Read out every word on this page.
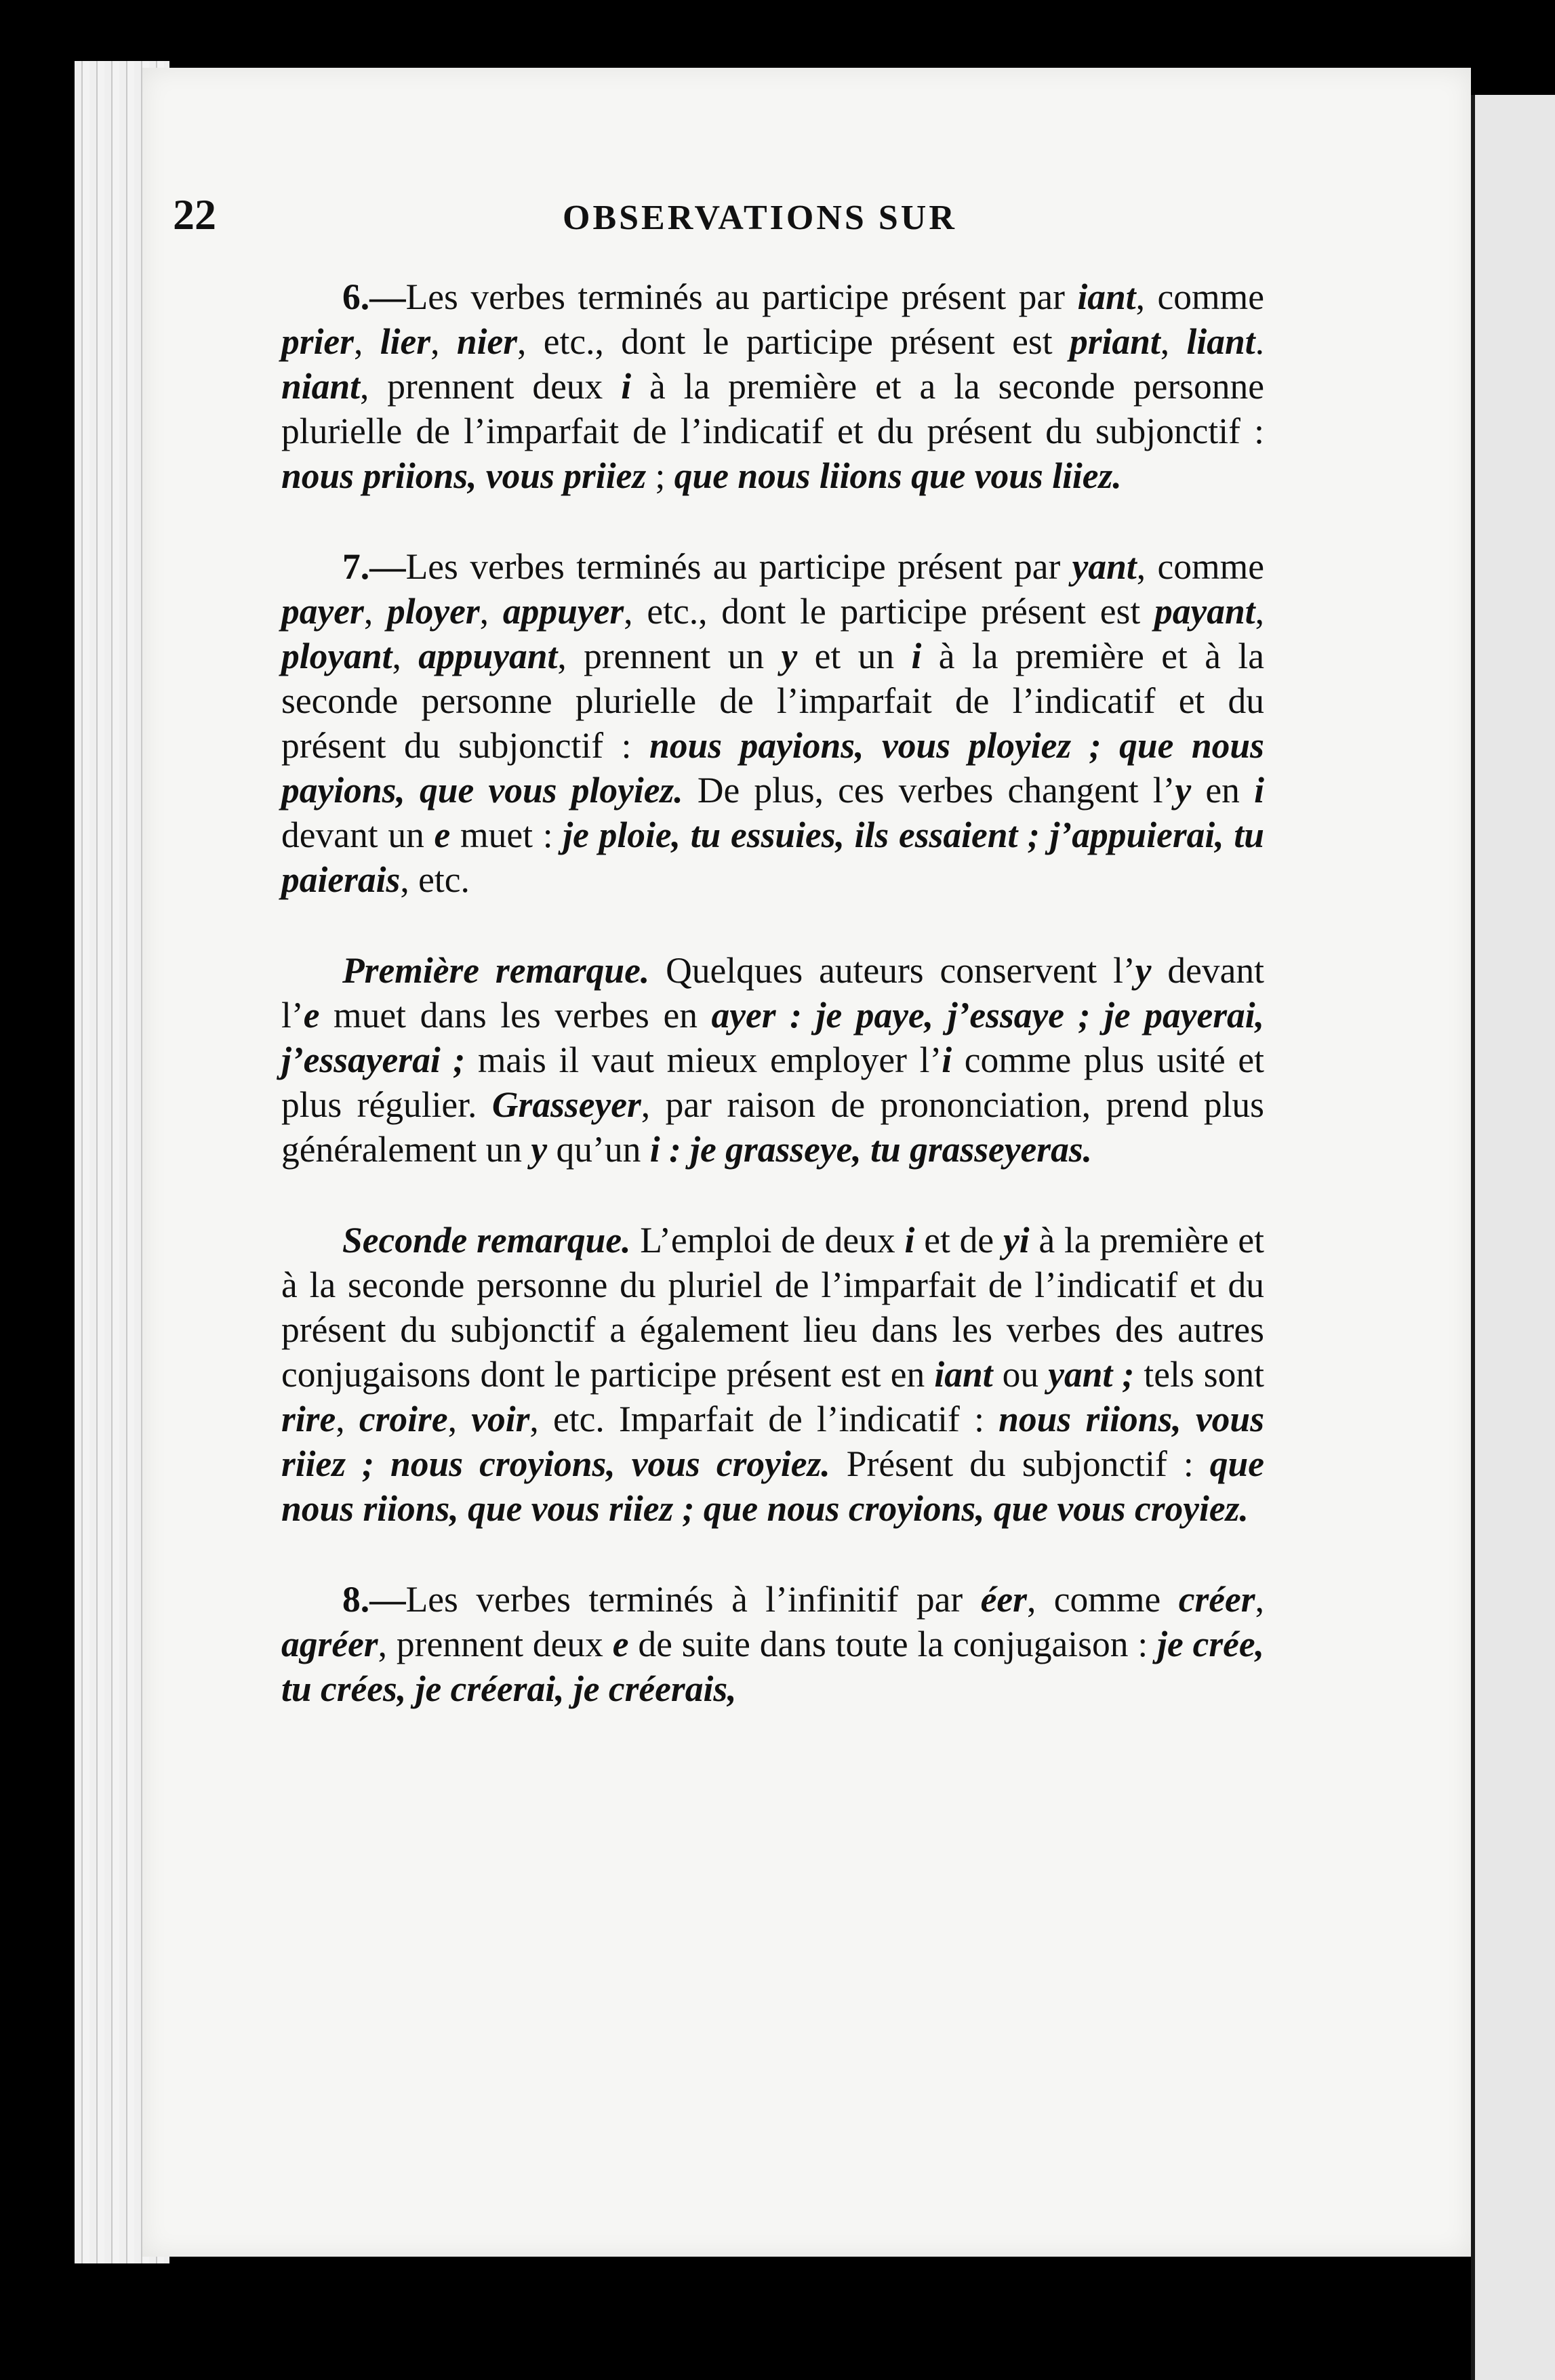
22	OBSERVATIONS SUR

6.—Les verbes terminés au participe présent par iant, comme prier, lier, nier, etc., dont le participe présent est priant, liant. niant, prennent deux i à la première et a la seconde personne plurielle de l’imparfait de l’indicatif et du présent du subjonctif : nous priions, vous priiez ; que nous liions que vous liiez.

7.—Les verbes terminés au participe présent par yant, comme payer, ployer, appuyer, etc., dont le participe présent est payant, ployant, appuyant, prennent un y et un i à la première et à la seconde personne plurielle de l’imparfait de l’indicatif et du présent du subjonctif : nous payions, vous ployiez ; que nous payions, que vous ployiez. De plus, ces verbes changent l’y en i devant un e muet : je ploie, tu essuies, ils essaient ; j’appuierai, tu paierais, etc.

Première remarque. Quelques auteurs conservent l’y devant l’e muet dans les verbes en ayer : je paye, j’essaye ; je payerai, j’essayerai ; mais il vaut mieux employer l’i comme plus usité et plus régulier. Grasseyer, par raison de prononciation, prend plus généralement un y qu’un i : je grasseye, tu grasseyeras.

Seconde remarque. L’emploi de deux i et de yi à la première et à la seconde personne du pluriel de l’imparfait de l’indicatif et du présent du subjonctif a également lieu dans les verbes des autres conjugaisons dont le participe présent est en iant ou yant ; tels sont rire, croire, voir, etc. Imparfait de l’indicatif : nous riions, vous riiez ; nous croyions, vous croyiez. Présent du subjonctif : que nous riions, que vous riiez ; que nous croyions, que vous croyiez.

8.—Les verbes terminés à l’infinitif par éer, comme créer, agréer, prennent deux e de suite dans toute la conjugaison : je crée, tu crées, je créerai, je créerais,
